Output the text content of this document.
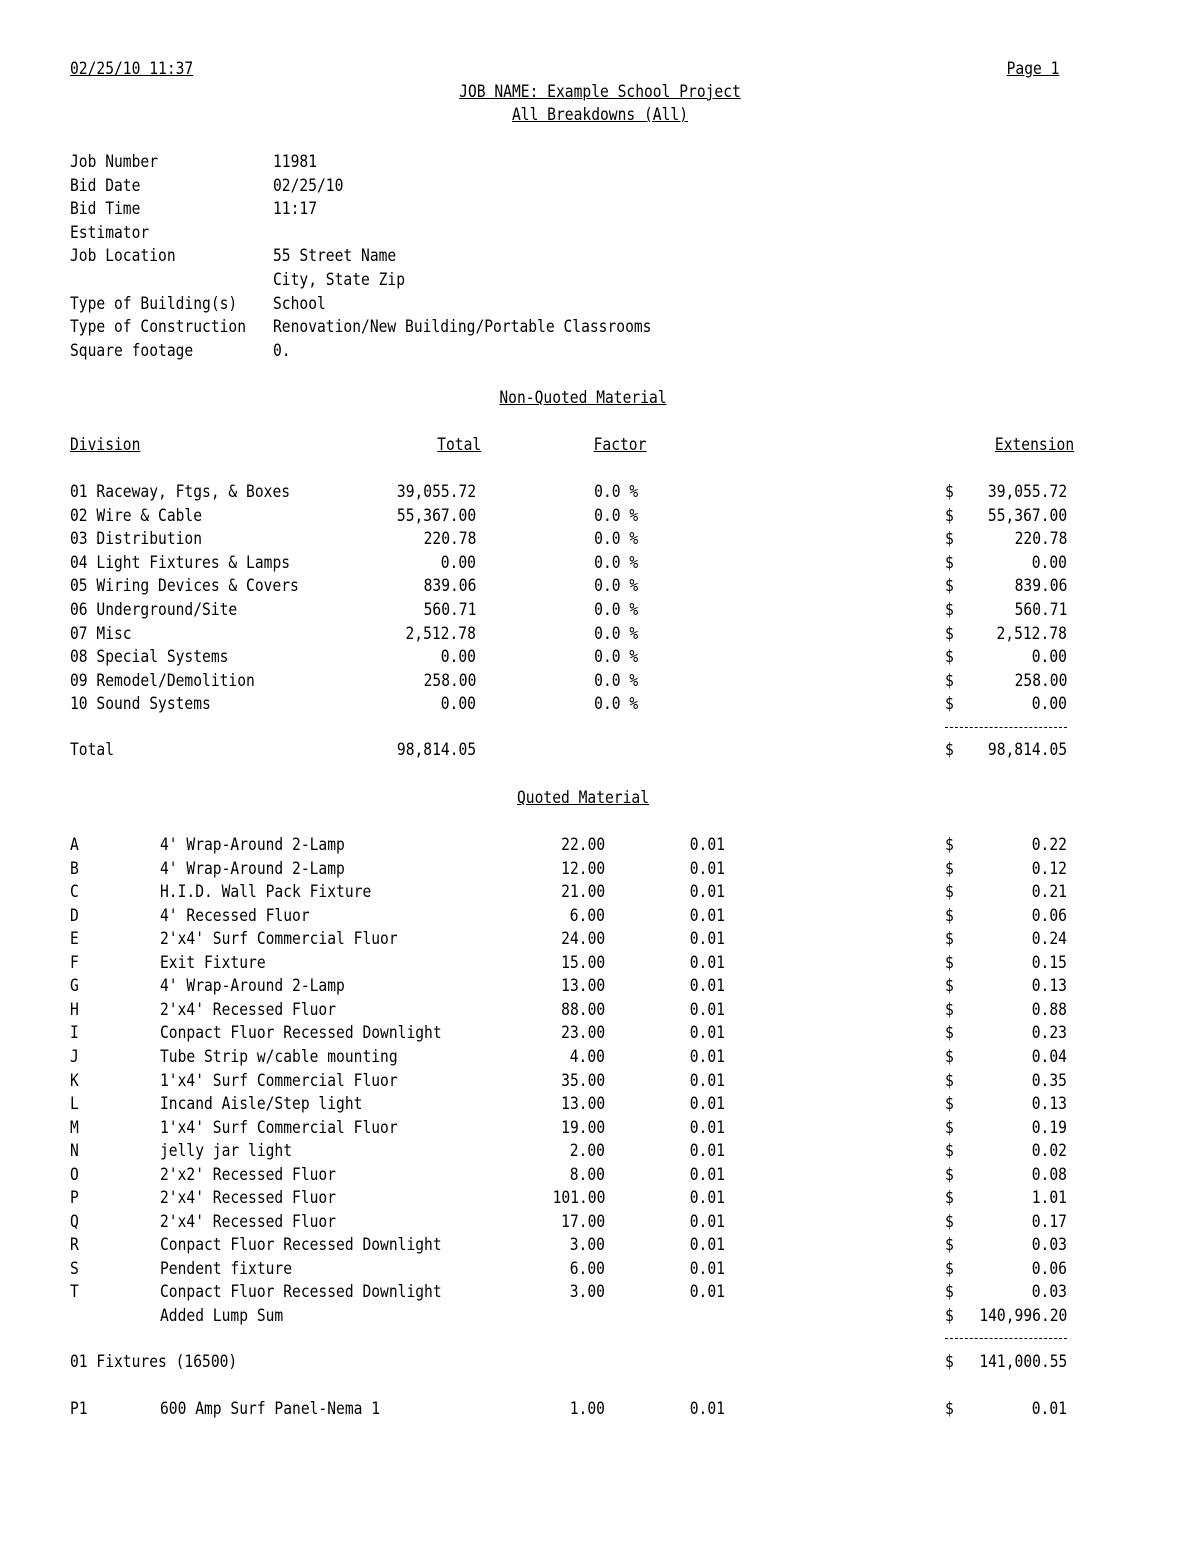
02/25/10 11:37	Page 1
JOB NAME: Example School Project
All Breakdowns (All)
Job Number	11981
Bid Date	02/25/10
Bid Time	11:17
Estimator
Job Location	55 Street Name
City, State Zip
Type of Building(s) School
Type of Construction Renovation/New Building/Portable Classrooms
Square footage	0.
Non-Quoted Material
Division	Total	Factor	Extension
01 Raceway, Ftgs, & Boxes	39,055.72	0.0 %	$ 39,055.72
02 Wire & Cable	55,367.00	0.0 %	$ 55,367.00
03 Distribution	220.78	0.0 %	$	220.78
04 Light Fixtures & Lamps	0.00	0.0 %	$	0.00
05 Wiring Devices & Covers	839.06	0.0 %	$	839.06
06 Underground/Site	560.71	0.0 %	$	560.71
07 Misc	2,512.78	0.0 %	$	2,512.78
08 Special Systems	0.00	0.0 %	$	0.00
09 Remodel/Demolition	258.00	0.0 %	$	258.00
10 Sound Systems	0.00	0.0 %	$	0.00
Total	98,814.05	$ 98,814.05
Quoted Material
A	4' Wrap-Around 2-Lamp	22.00	0.01	$	0.22
B	4' Wrap-Around 2-Lamp	12.00	0.01	$	0.12
C	H.I.D. Wall Pack Fixture	21.00	0.01	$	0.21
D	4' Recessed Fluor	6.00	0.01	$	0.06
E	2'x4' Surf Commercial Fluor	24.00	0.01	$	0.24
F	Exit Fixture	15.00	0.01	$	0.15
G	4' Wrap-Around 2-Lamp	13.00	0.01	$	0.13
H	2'x4' Recessed Fluor	88.00	0.01	$	0.88
I	Conpact Fluor Recessed Downlight	23.00	0.01	$	0.23
J	Tube Strip w/cable mounting	4.00	0.01	$	0.04
K	1'x4' Surf Commercial Fluor	35.00	0.01	$	0.35
L	Incand Aisle/Step light	13.00	0.01	$	0.13
M	1'x4' Surf Commercial Fluor	19.00	0.01	$	0.19
N	jelly jar light	2.00	0.01	$	0.02
O	2'x2' Recessed Fluor	8.00	0.01	$	0.08
P	2'x4' Recessed Fluor	101.00	0.01	$	1.01
Q	2'x4' Recessed Fluor	17.00	0.01	$	0.17
R	Conpact Fluor Recessed Downlight	3.00	0.01	$	0.03
S	Pendent fixture	6.00	0.01	$	0.06
T	Conpact Fluor Recessed Downlight	3.00	0.01	$	0.03
Added Lump Sum	$ 140,996.20
01 Fixtures (16500)	$ 141,000.55
P1	600 Amp Surf Panel-Nema 1	1.00	0.01	$	0.01
